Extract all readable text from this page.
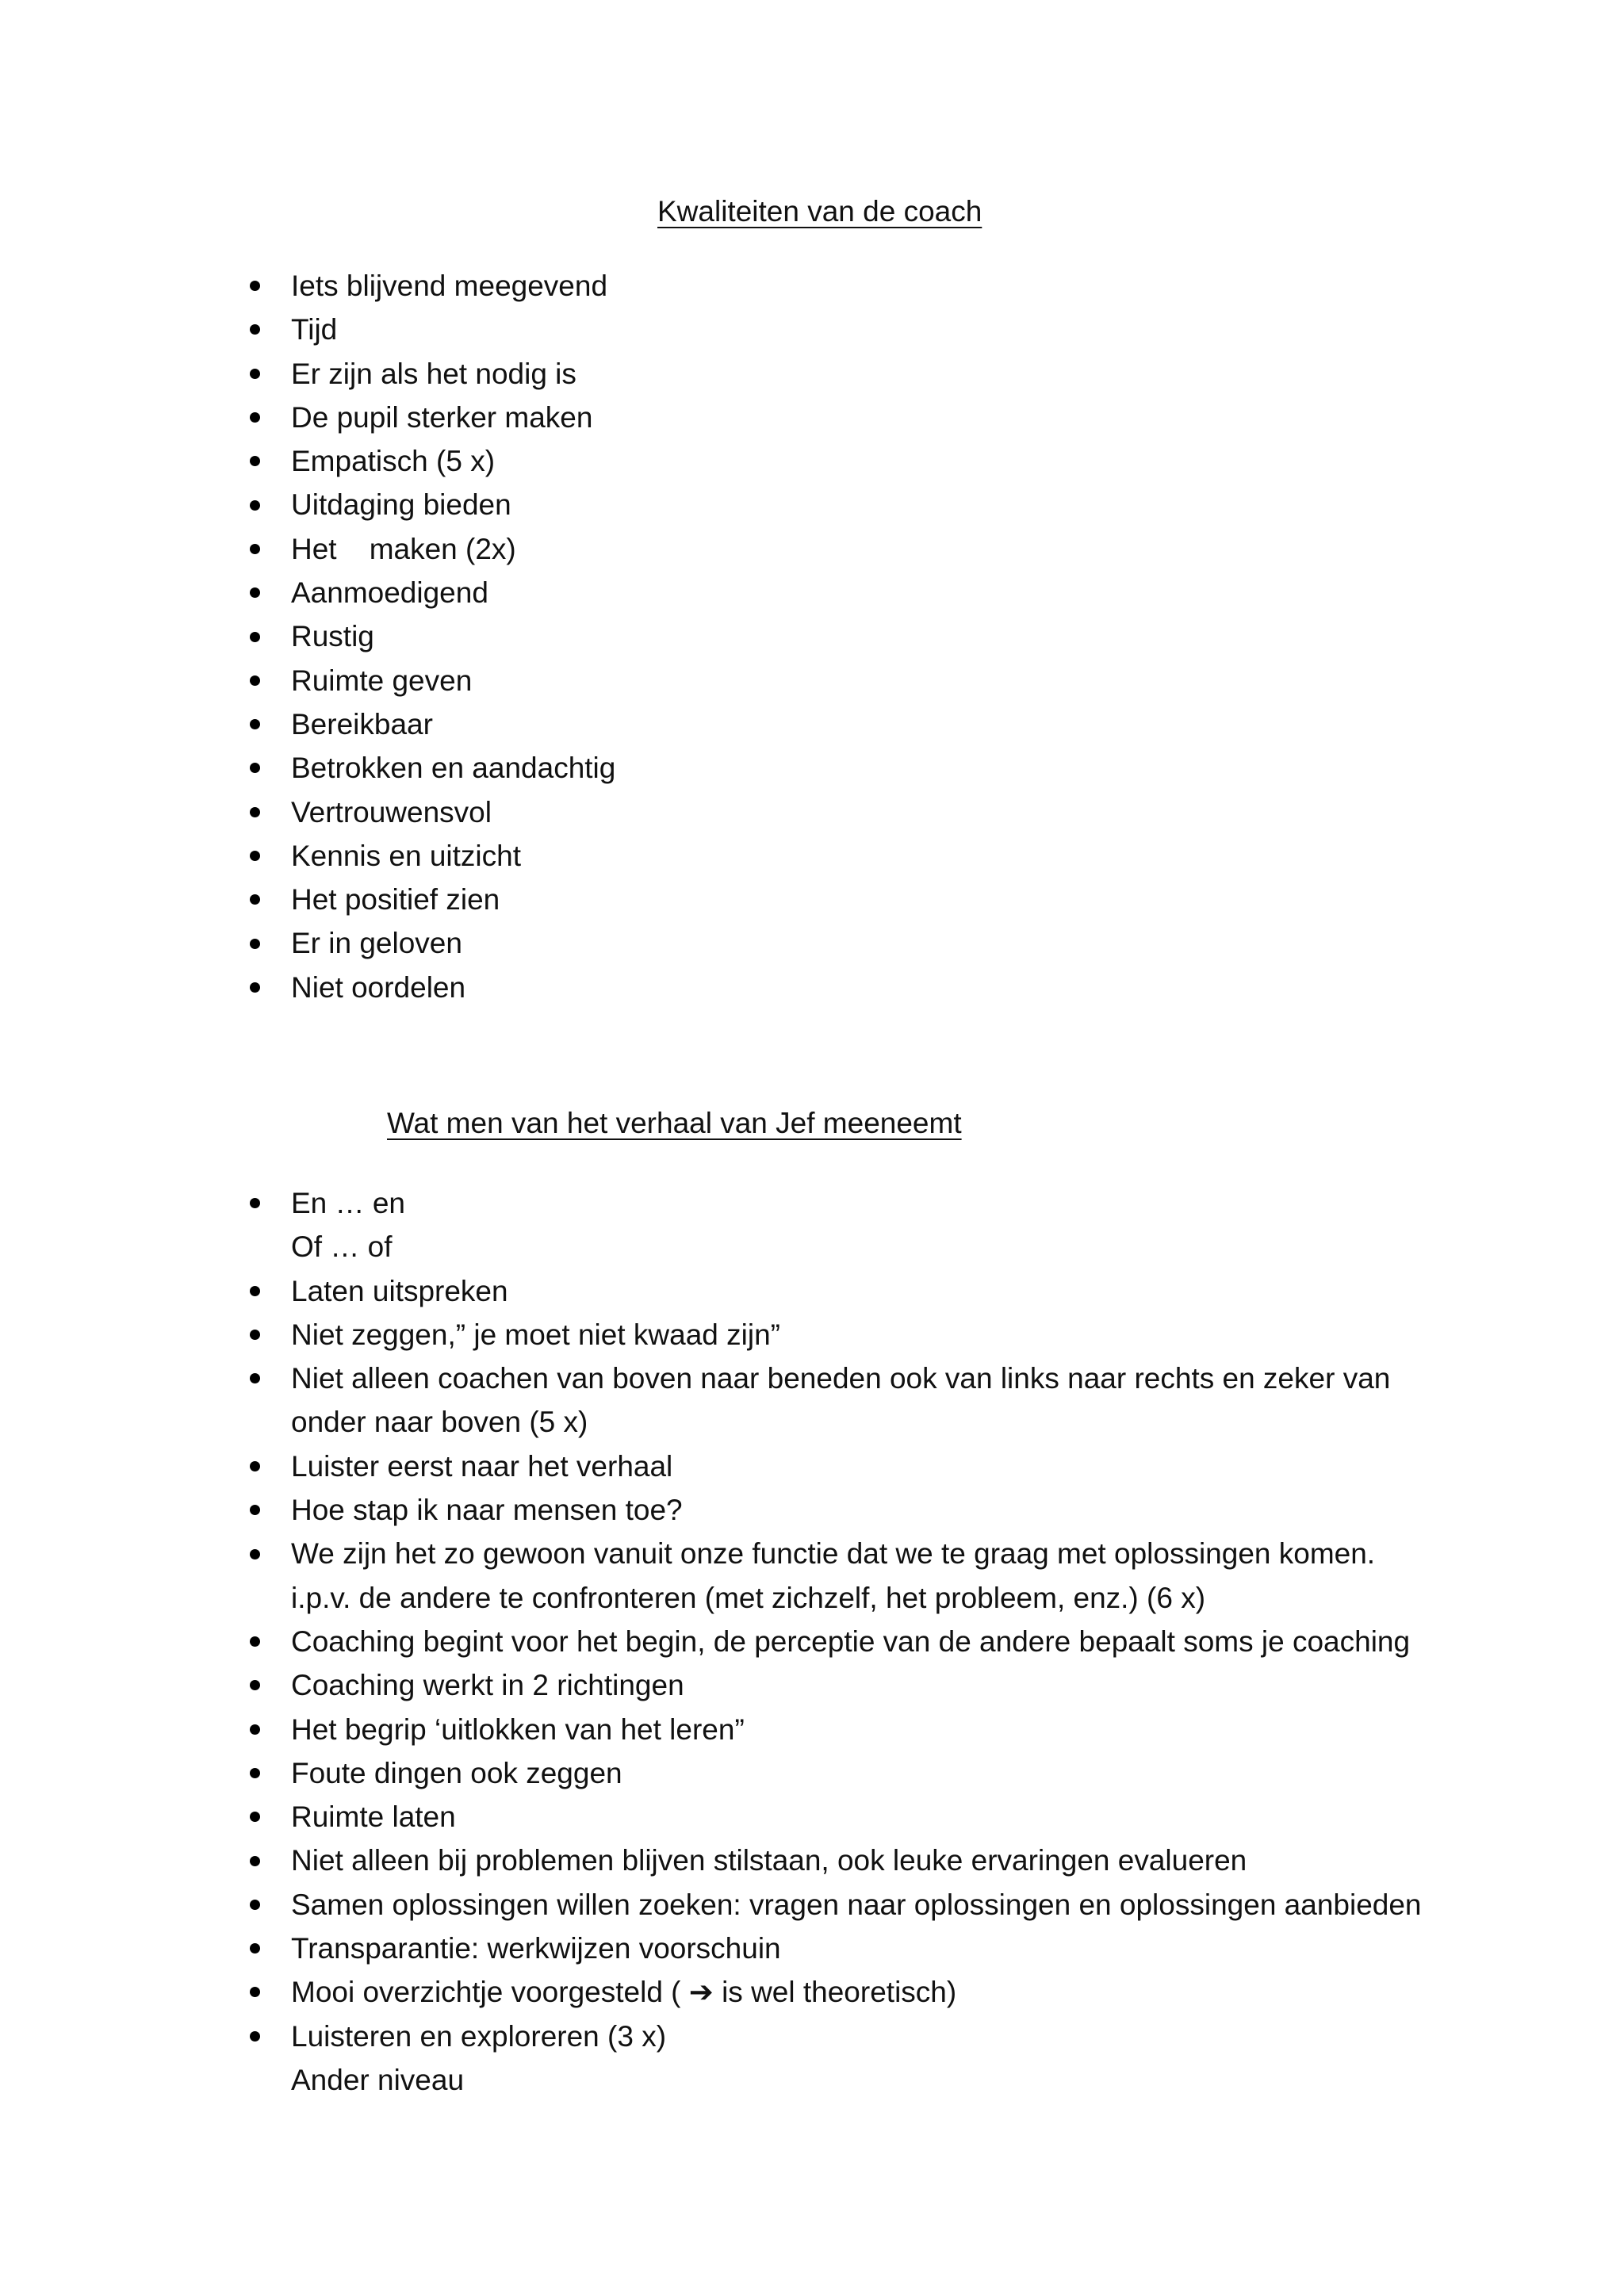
Kwaliteiten van de coach
Iets blijvend meegevend
Tijd
Er zijn als het nodig is
De pupil sterker maken
Empatisch (5 x)
Uitdaging bieden
Het    maken (2x)
Aanmoedigend
Rustig
Ruimte geven
Bereikbaar
Betrokken en aandachtig
Vertrouwensvol
Kennis en uitzicht
Het positief zien
Er in geloven
Niet oordelen
Wat men van het verhaal van Jef meeneemt
En … en
Of … of
Laten uitspreken
Niet zeggen,” je moet niet kwaad zijn”
Niet alleen coachen van boven naar beneden ook van links naar rechts en zeker van onder naar boven (5 x)
Luister eerst naar het verhaal
Hoe stap ik naar mensen toe?
We zijn het zo gewoon vanuit onze functie dat we te graag met oplossingen komen. i.p.v. de andere te confronteren (met zichzelf, het probleem, enz.) (6 x)
Coaching begint voor het begin, de perceptie van de andere bepaalt soms je coaching
Coaching werkt in 2 richtingen
Het begrip ‘uitlokken van het leren”
Foute dingen ook zeggen
Ruimte laten
Niet alleen bij problemen blijven stilstaan, ook leuke ervaringen evalueren
Samen oplossingen willen zoeken: vragen naar oplossingen en oplossingen aanbieden
Transparantie: werkwijzen voorschuin
Mooi overzichtje voorgesteld ( ➔ is wel theoretisch)
Luisteren en exploreren (3 x)
Ander niveau
